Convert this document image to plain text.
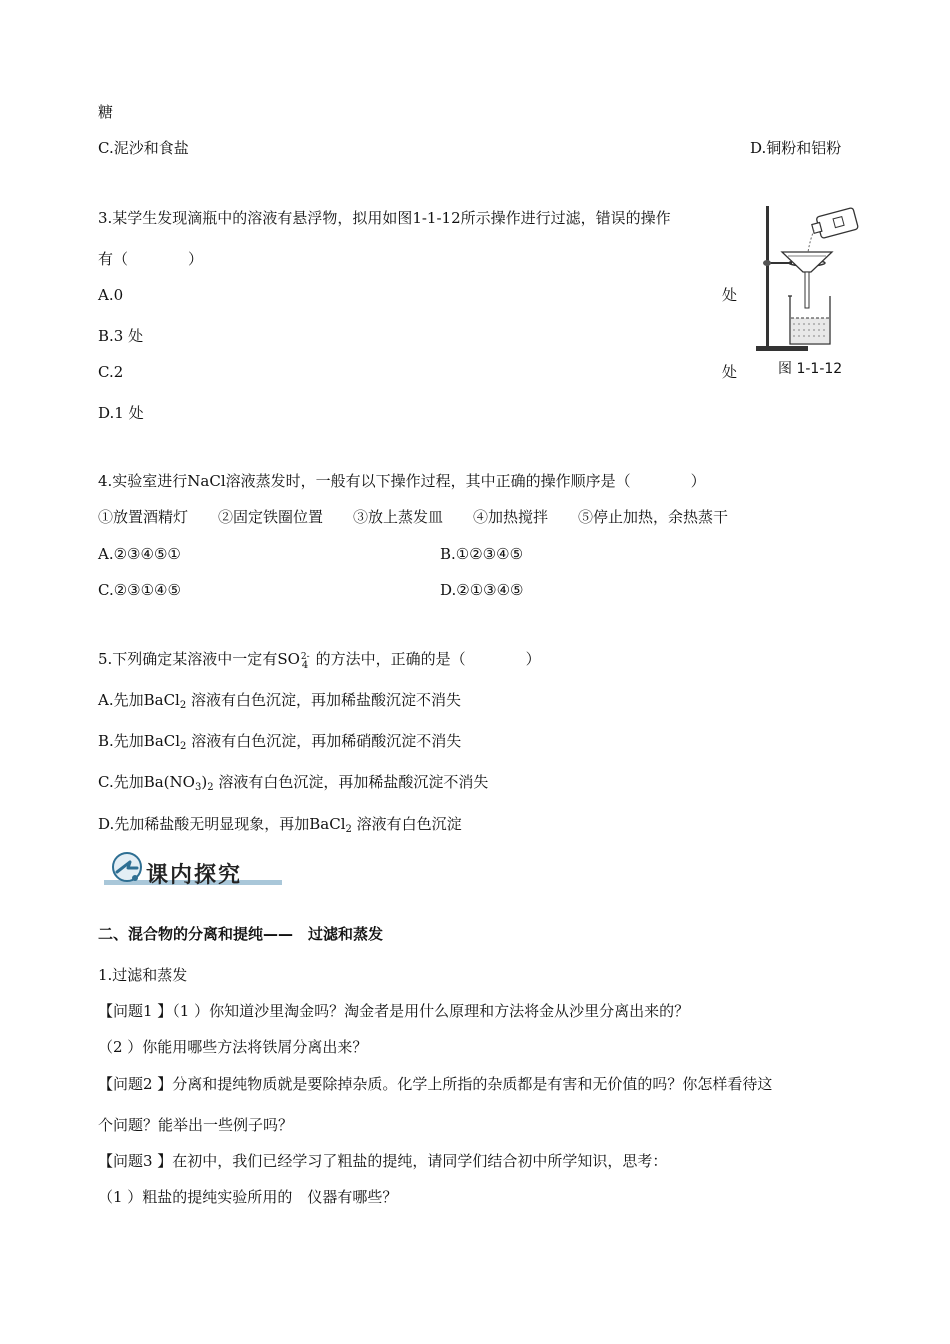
糖
C.泥沙和食盐	D.铜粉和铝粉
3.某学生发现滴瓶中的溶液有悬浮物，拟用如图1-1-12所示操作进行过滤，错误的操作
有（　　　　）
A.0	处
B.3 处
C.2	处
D.1 处
图 1-1-12
4.实验室进行NaCl溶液蒸发时，一般有以下操作过程，其中正确的操作顺序是（　　　　）
①放置酒精灯　　②固定铁圈位置　　③放上蒸发皿　　④加热搅拌　　⑤停止加热，余热蒸干
A.②③④⑤①	B.①②③④⑤
C.②③①④⑤	D.②①③④⑤
5.下列确定某溶液中一定有SO 2-
4 的方法中，正确的是（　　　　）
A.先加BaCl$_2$ 溶液有白色沉淀，再加稀盐酸沉淀不消失
B.先加BaCl$_2$ 溶液有白色沉淀，再加稀硝酸沉淀不消失
C.先加$Ba(NO_3)_2$ 溶液有白色沉淀，再加稀盐酸沉淀不消失
D.先加稀盐酸无明显现象，再加BaCl$_2$ 溶液有白色沉淀
课内探究
二、混合物的分离和提纯——　过滤和蒸发
1.过滤和蒸发
【问题1 】（1 ）你知道沙里淘金吗？淘金者是用什么原理和方法将金从沙里分离出来的？
（2 ）你能用哪些方法将铁屑分离出来？
【问题2 】分离和提纯物质就是要除掉杂质。化学上所指的杂质都是有害和无价值的吗？你怎样看待这
个问题？能举出一些例子吗？
【问题3 】在初中，我们已经学习了粗盐的提纯，请同学们结合初中所学知识，思考：
（1 ）粗盐的提纯实验所用的　仪器有哪些？
